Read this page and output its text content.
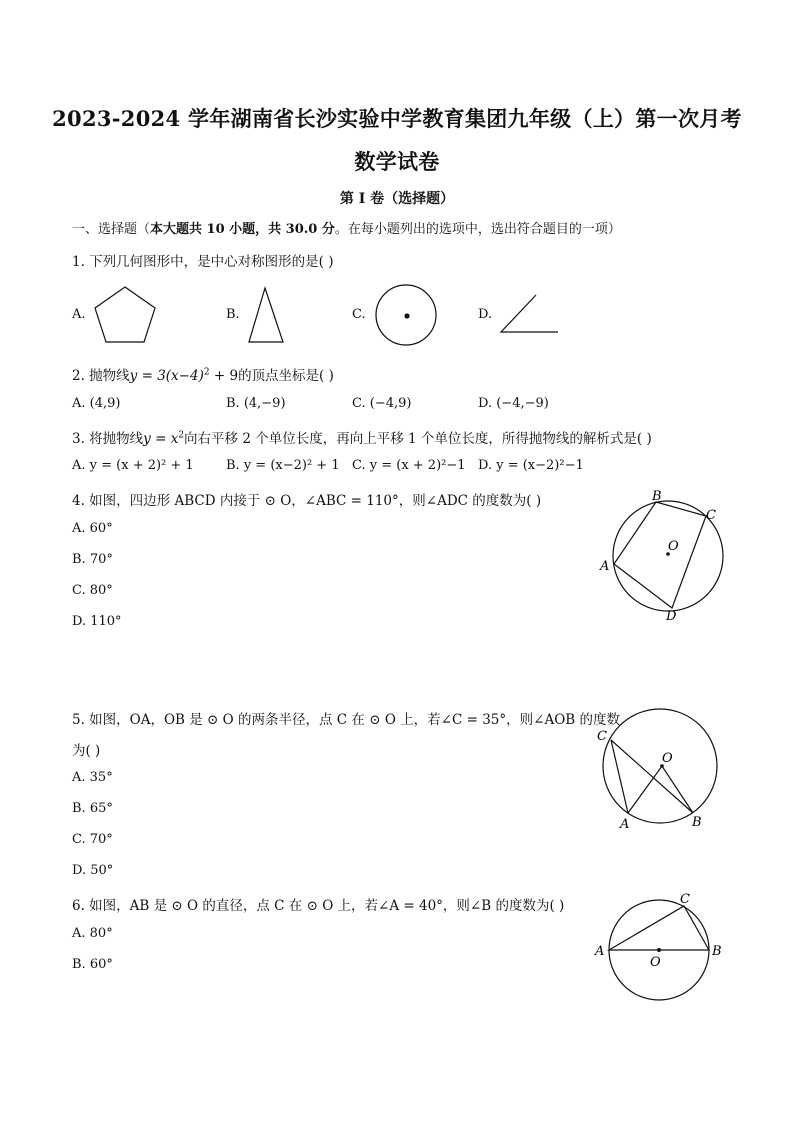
2023-2024 学年湖南省长沙实验中学教育集团九年级（上）第一次月考
数学试卷
第 I 卷（选择题）
一、选择题（本大题共 10 小题，共 30.0 分。在每小题列出的选项中，选出符合题目的一项）
1. 下列几何图形中，是中心对称图形的是( )
A.	B.	C.	D.
2. 抛物线$y = 3(x-4)^2 + 9$的顶点坐标是( )
A. (4,9)	B. (4,−9)	C. (−4,9)	D. (−4,−9)
3. 将抛物线$y = x^2$向右平移 2 个单位长度，再向上平移 1 个单位长度，所得抛物线的解析式是( )
A. y = (x + 2)² + 1 B. y = (x−2)² + 1 C. y = (x + 2)²−1 D. y = (x−2)²−1
4. 如图，四边形 ABCD 内接于 ⊙ O，∠ABC = 110°，则∠ADC 的度数为( )
A. 60°
B. 70°
C. 80°
D. 110°
A
B
C
D
O
5. 如图，OA，OB 是 ⊙ O 的两条半径，点 C 在 ⊙ O 上，若∠C = 35°，则∠AOB 的度数
为( )
A. 35°
B. 65°
C. 70°
D. 50°
C
A	B
O
6. 如图，AB 是 ⊙ O 的直径，点 C 在 ⊙ O 上，若∠A = 40°，则∠B 的度数为( )
A. 80°
B. 60°
A	B
C
O
